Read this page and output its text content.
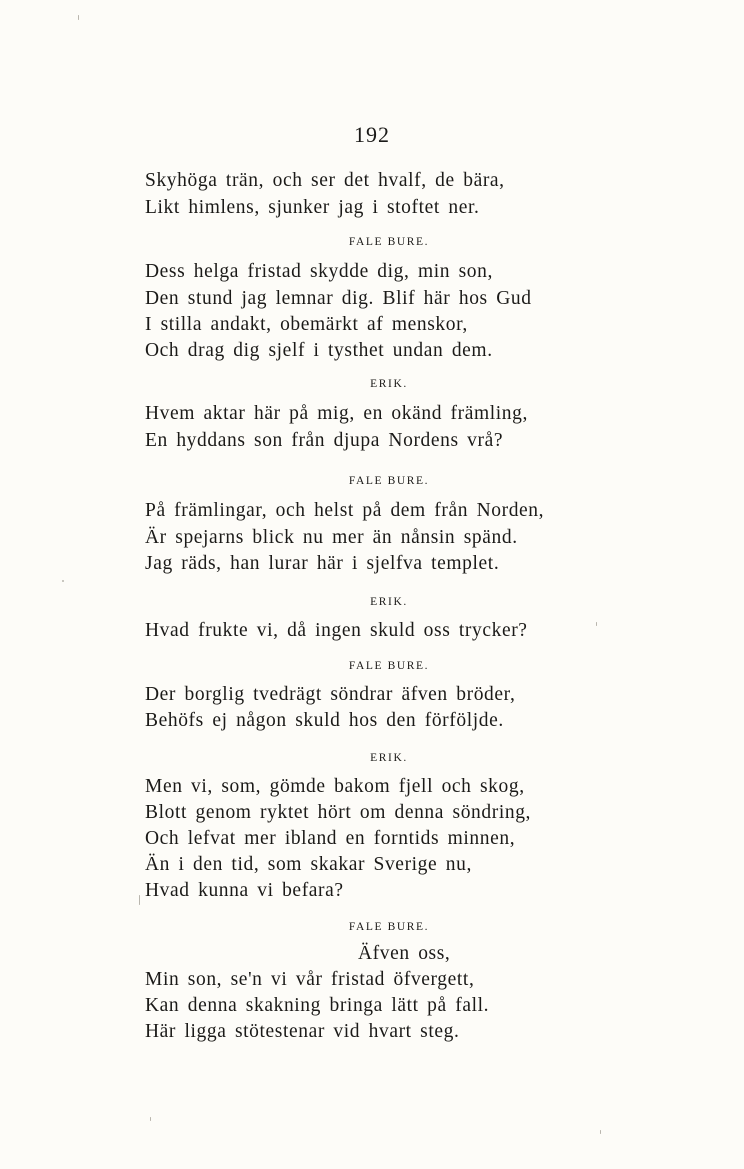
192
Skyhöga trän, och ser det hvalf, de bära,
Likt himlens, sjunker jag i stoftet ner.
FALE BURE.
Dess helga fristad skydde dig, min son,
Den stund jag lemnar dig. Blif här hos Gud
I stilla andakt, obemärkt af menskor,
Och drag dig sjelf i tysthet undan dem.
ERIK.
Hvem aktar här på mig, en okänd främling,
En hyddans son från djupa Nordens vrå?
FALE BURE.
På främlingar, och helst på dem från Norden,
Är spejarns blick nu mer än nånsin spänd.
Jag räds, han lurar här i sjelfva templet.
ERIK.
Hvad frukte vi, då ingen skuld oss trycker?
FALE BURE.
Der borglig tvedrägt söndrar äfven bröder,
Behöfs ej någon skuld hos den förföljde.
ERIK.
Men vi, som, gömde bakom fjell och skog,
Blott genom ryktet hört om denna söndring,
Och lefvat mer ibland en forntids minnen,
Än i den tid, som skakar Sverige nu,
Hvad kunna vi befara?
FALE BURE.
Äfven oss,
Min son, se'n vi vår fristad öfvergett,
Kan denna skakning bringa lätt på fall.
Här ligga stötestenar vid hvart steg.
